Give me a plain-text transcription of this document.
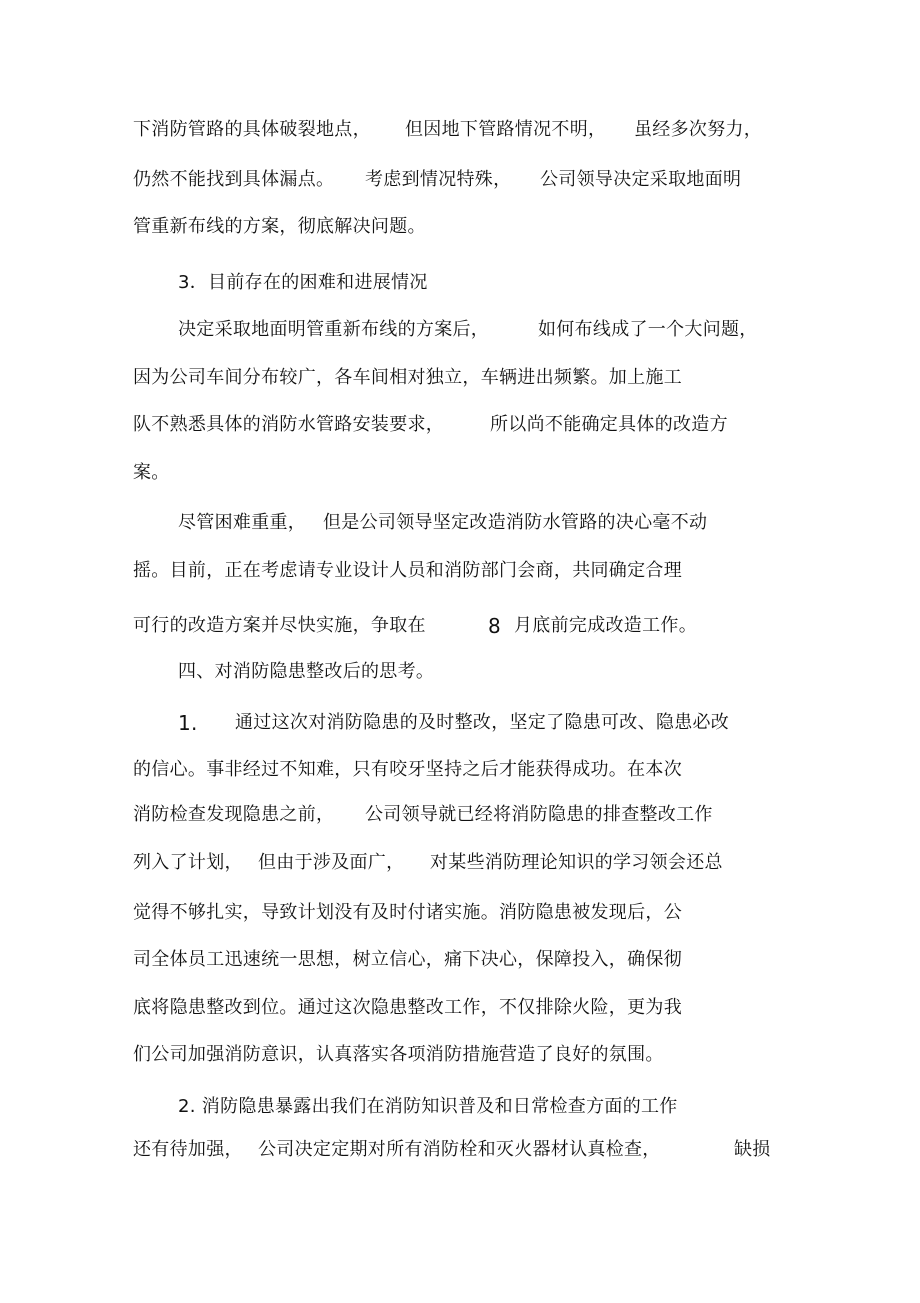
下消防管路的具体破裂地点，

但因地下管路情况不明，

虽经多次努力，

仍然不能找到具体漏点。

考虑到情况特殊，

公司领导决定采取地面明

管重新布线的方案，彻底解决问题。

3．目前存在的困难和进展情况

决定采取地面明管重新布线的方案后，

	如何布线成了一个大问题，

因为公司车间分布较广，各车间相对独立，车辆进出频繁。加上施工

队不熟悉具体的消防水管路安装要求，

	所以尚不能确定具体的改造方

案。

尽管困难重重，

但是公司领导坚定改造消防水管路的决心毫不动

摇。目前，正在考虑请专业设计人员和消防部门会商，共同确定合理

可行的改造方案并尽快实施，争取在

	8

月底前完成改造工作。

四、对消防隐患整改后的思考。

1.

通过这次对消防隐患的及时整改，坚定了隐患可改、隐患必改

的信心。事非经过不知难，只有咬牙坚持之后才能获得成功。在本次

消防检查发现隐患之前，

公司领导就已经将消防隐患的排查整改工作

列入了计划，

但由于涉及面广，

对某些消防理论知识的学习领会还总

觉得不够扎实，导致计划没有及时付诸实施。消防隐患被发现后，公

司全体员工迅速统一思想，树立信心，痛下决心，保障投入，确保彻

底将隐患整改到位。通过这次隐患整改工作，不仅排除火险，更为我

们公司加强消防意识，认真落实各项消防措施营造了良好的氛围。

2. 消防隐患暴露出我们在消防知识普及和日常检查方面的工作

还有待加强，

公司决定定期对所有消防栓和灭火器材认真检查，

	缺损
